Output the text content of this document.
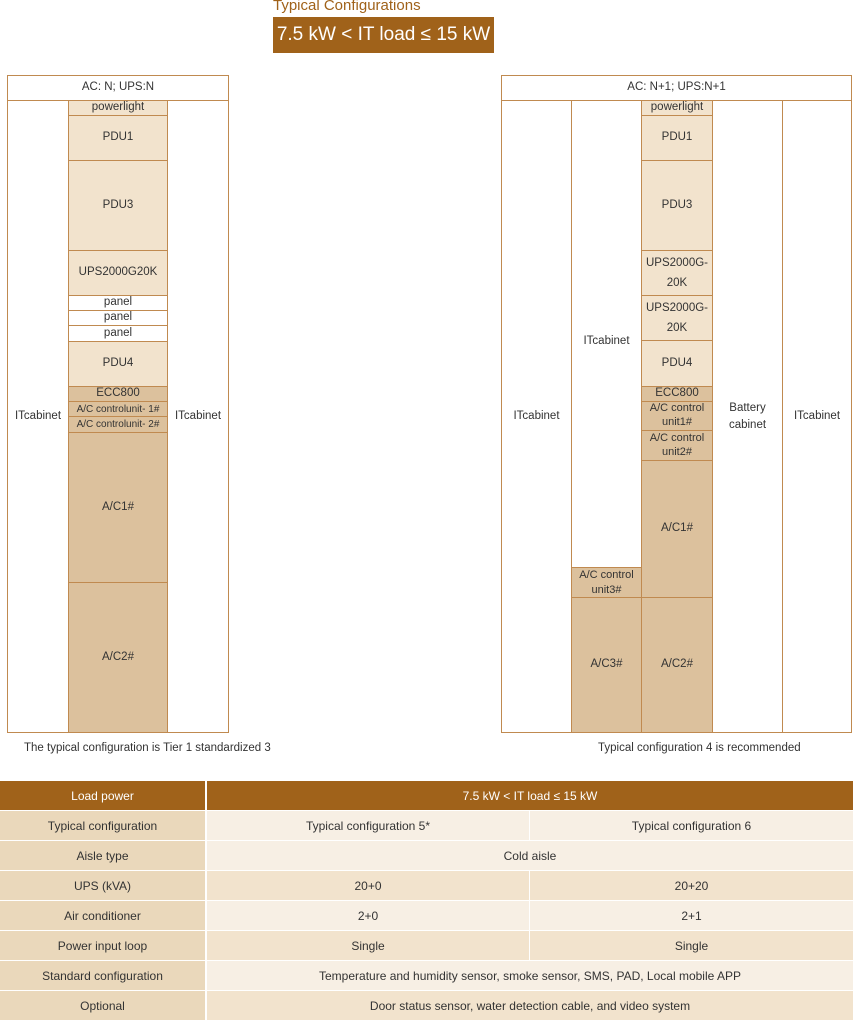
Typical Configurations
7.5 kW < IT load ≤ 15 kW
AC: N; UPS:N
ITcabinet	ITcabinet
powerlight
PDU1
PDU3
UPS2000G20K
panel
panel
panel
PDU4
ECC800
A/C controlunit- 1#
A/C controlunit- 2#
A/C1#
A/C2#
The typical configuration is Tier 1 standardized 3
AC: N+1; UPS:N+1
ITcabinet
ITcabinet
A/C control unit3#
A/C3#
powerlight
PDU1
PDU3
UPS2000G- 20K
UPS2000G- 20K
PDU4
ECC800
A/C control unit1#
A/C control unit2#
A/C1#
A/C2#
Battery cabinet
ITcabinet
Typical configuration 4 is recommended
Load power	7.5 kW < IT load ≤ 15 kW	
Typical configuration	Typical configuration 5*	Typical configuration 6
Aisle type	Cold aisle	
UPS (kVA)	20+0	20+20
Air conditioner	2+0	2+1
Power input loop	Single	Single
Standard configuration	Temperature and humidity sensor, smoke sensor, SMS, PAD, Local mobile APP	
Optional	Door status sensor, water detection cable, and video system	
